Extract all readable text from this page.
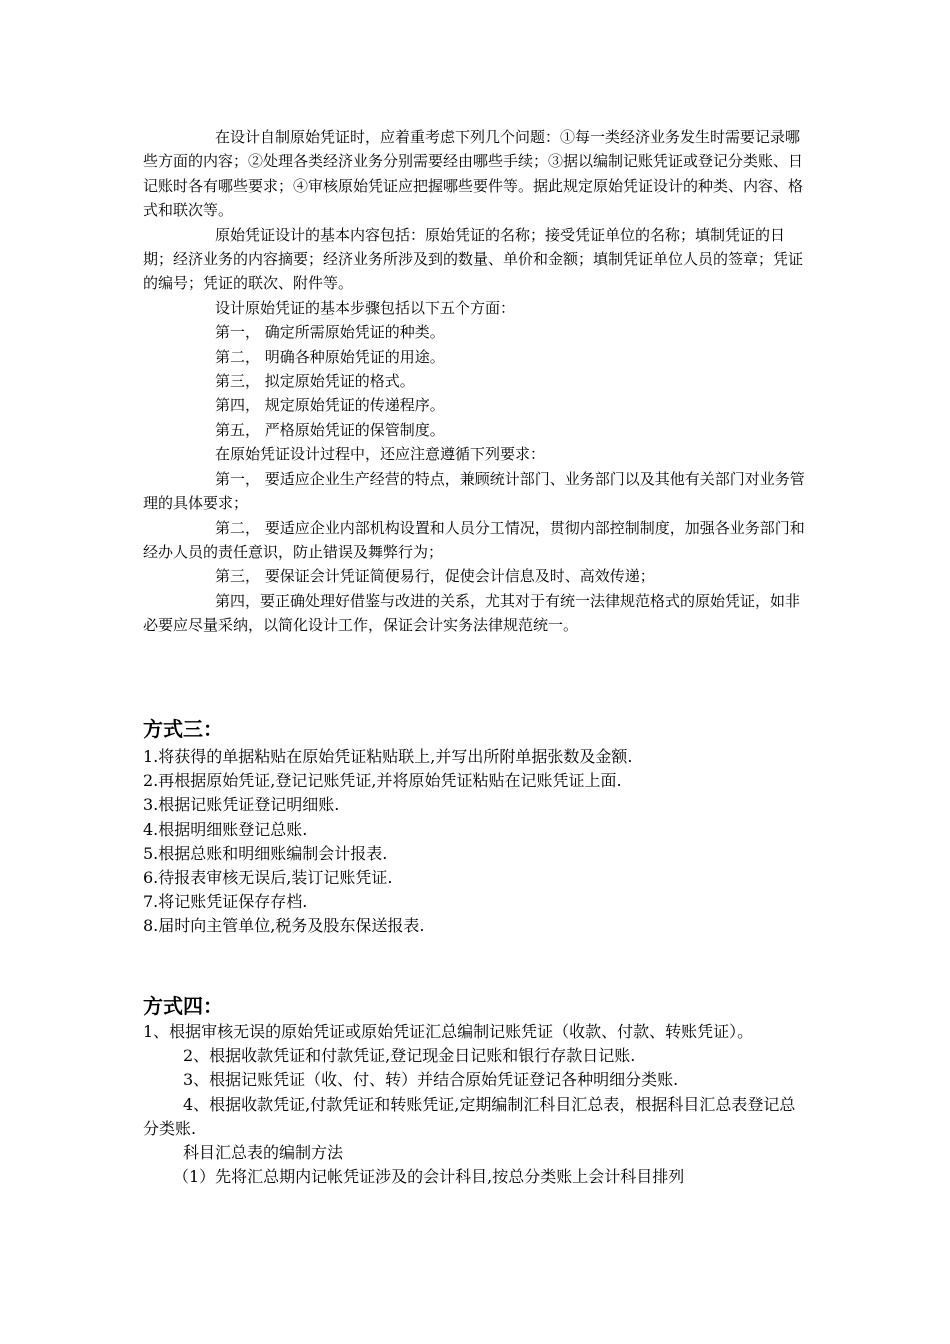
在设计自制原始凭证时，应着重考虑下列几个问题：①每一类经济业务发生时需要记录哪些方面的内容；②处理各类经济业务分别需要经由哪些手续；③据以编制记账凭证或登记分类账、日记账时各有哪些要求；④审核原始凭证应把握哪些要件等。据此规定原始凭证设计的种类、内容、格式和联次等。

原始凭证设计的基本内容包括：原始凭证的名称；接受凭证单位的名称；填制凭证的日期；经济业务的内容摘要；经济业务所涉及到的数量、单价和金额；填制凭证单位人员的签章；凭证的编号；凭证的联次、附件等。

设计原始凭证的基本步骤包括以下五个方面：

第一， 确定所需原始凭证的种类。

第二， 明确各种原始凭证的用途。

第三， 拟定原始凭证的格式。

第四， 规定原始凭证的传递程序。

第五， 严格原始凭证的保管制度。

在原始凭证设计过程中，还应注意遵循下列要求：

第一， 要适应企业生产经营的特点，兼顾统计部门、业务部门以及其他有关部门对业务管理的具体要求；

第二， 要适应企业内部机构设置和人员分工情况，贯彻内部控制制度，加强各业务部门和经办人员的责任意识，防止错误及舞弊行为；

第三， 要保证会计凭证简便易行，促使会计信息及时、高效传递；

第四，要正确处理好借鉴与改进的关系，尤其对于有统一法律规范格式的原始凭证，如非必要应尽量采纳，以简化设计工作，保证会计实务法律规范统一。

方式三：

1.将获得的单据粘贴在原始凭证粘贴联上,并写出所附单据张数及金额.

2.再根据原始凭证,登记记账凭证,并将原始凭证粘贴在记账凭证上面.

3.根据记账凭证登记明细账.

4.根据明细账登记总账.

5.根据总账和明细账编制会计报表.

6.待报表审核无误后,装订记账凭证.

7.将记账凭证保存存档.

8.届时向主管单位,税务及股东保送报表.

方式四：

1、根据审核无误的原始凭证或原始凭证汇总编制记账凭证（收款、付款、转账凭证）。

2、根据收款凭证和付款凭证,登记现金日记账和银行存款日记账.

3、根据记账凭证（收、付、转）并结合原始凭证登记各种明细分类账.

4、根据收款凭证,付款凭证和转账凭证,定期编制汇科目汇总表，根据科目汇总表登记总分类账.

科目汇总表的编制方法

（1）先将汇总期内记帐凭证涉及的会计科目,按总分类账上会计科目排列
